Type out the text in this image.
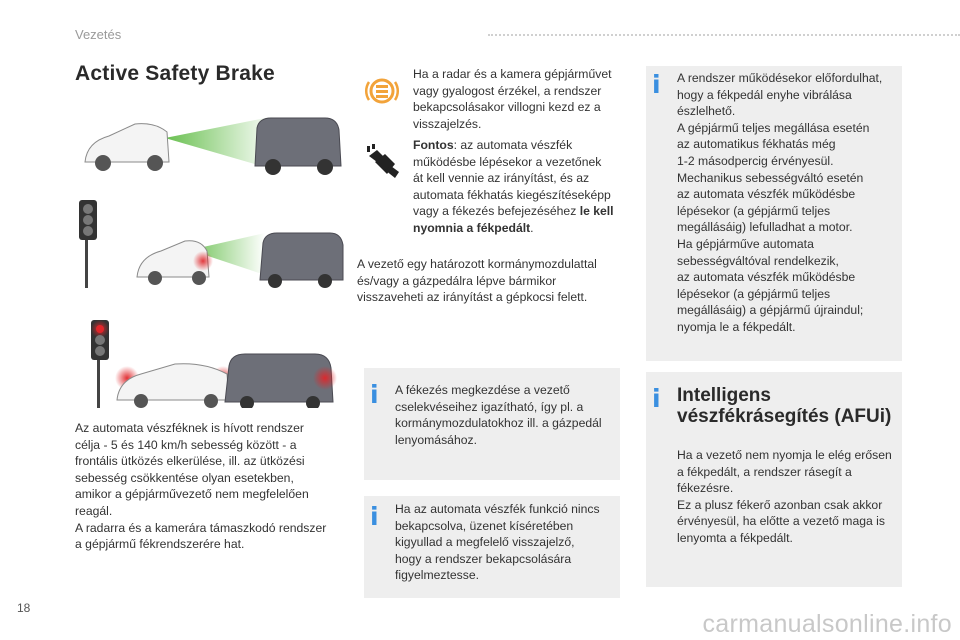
Vezetés
Active Safety Brake

Az automata vészféknek is hívott rendszer

célja - 5 és 140 km/h sebesség között - a

frontális ütközés elkerülése, ill. az ütközési

sebesség csökkentése olyan esetekben,

amikor a gépjárművezető nem megfelelően

reagál.

A radarra és a kamerára támaszkodó rendszer

a gépjármű fékrendszerére hat.

Ha a radar és a kamera gépjárművet

vagy gyalogost érzékel, a rendszer

bekapcsolásakor villogni kezd ez a

visszajelzés.

Fontos: az automata vészfék

működésbe lépésekor a vezetőnek

át kell vennie az irányítást, és az

automata fékhatás kiegészítéseképp

vagy a fékezés befejezéséhez le kell

nyomnia a fékpedált.

A vezető egy határozott kormánymozdulattal

és/vagy a gázpedálra lépve bármikor

visszaveheti az irányítást a gépkocsi felett.

i A fékezés megkezdése a vezető

cselekvéseihez igazítható, így pl. a

kormánymozdulatokhoz ill. a gázpedál

lenyomásához.

i Ha az automata vészfék funkció nincs

bekapcsolva, üzenet kíséretében

kigyullad a megfelelő visszajelző,

hogy a rendszer bekapcsolására

figyelmeztesse.

i A rendszer működésekor előfordulhat,

hogy a fékpedál enyhe vibrálása

észlelhető.

A gépjármű teljes megállása esetén

az automatikus fékhatás még

1-2 másodpercig érvényesül.

Mechanikus sebességváltó esetén

az automata vészfék működésbe

lépésekor (a gépjármű teljes

megállásáig) lefulladhat a motor.

Ha gépjárműve automata

sebességváltóval rendelkezik,

az automata vészfék működésbe

lépésekor (a gépjármű teljes

megállásáig) a gépjármű újraindul;

nyomja le a fékpedált.

i Intelligens

vészfékrásegítés (AFUi)

Ha a vezető nem nyomja le elég erősen

a fékpedált, a rendszer rásegít a

fékezésre.

Ez a plusz fékerő azonban csak akkor

érvényesül, ha előtte a vezető maga is

lenyomta a fékpedált.

18
carmanualsonline.info
